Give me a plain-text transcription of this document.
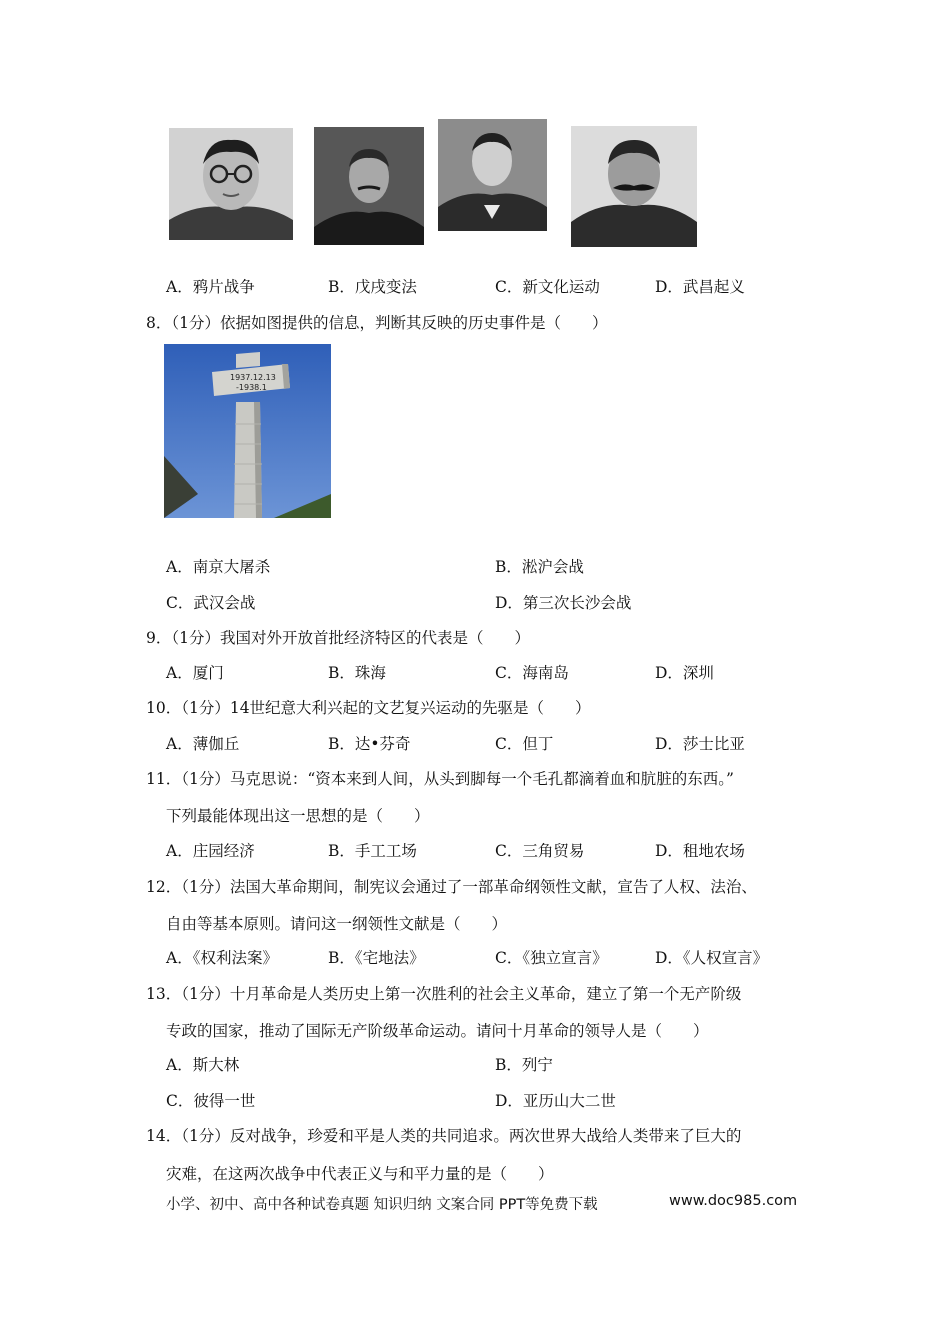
A．鸦片战争	B．戊戌变法	C．新文化运动	D．武昌起义
8．（1分）依据如图提供的信息，判断其反映的历史事件是（　　）
1937.12.13
-1938.1
A．南京大屠杀	B．淞沪会战
C．武汉会战	D．第三次长沙会战
9．（1分）我国对外开放首批经济特区的代表是（　　）
A．厦门	B．珠海	C．海南岛	D．深圳
10．（1分）14世纪意大利兴起的文艺复兴运动的先驱是（　　）
A．薄伽丘	B．达•芬奇	C．但丁	D．莎士比亚
11．（1分）马克思说：“资本来到人间，从头到脚每一个毛孔都滴着血和肮脏的东西。”
下列最能体现出这一思想的是（　　）
A．庄园经济	B．手工工场	C．三角贸易	D．租地农场
12．（1分）法国大革命期间，制宪议会通过了一部革命纲领性文献，宣告了人权、法治、
自由等基本原则。请问这一纲领性文献是（　　）
A．《权利法案》	B．《宅地法》	C．《独立宣言》	D．《人权宣言》
13．（1分）十月革命是人类历史上第一次胜利的社会主义革命，建立了第一个无产阶级
专政的国家，推动了国际无产阶级革命运动。请问十月革命的领导人是（　　）
A．斯大林	B．列宁
C．彼得一世	D．亚历山大二世
14．（1分）反对战争，珍爱和平是人类的共同追求。两次世界大战给人类带来了巨大的
灾难，在这两次战争中代表正义与和平力量的是（　　）
小学、初中、高中各种试卷真题 知识归纳 文案合同 PPT等免费下载	www.doc985.com
